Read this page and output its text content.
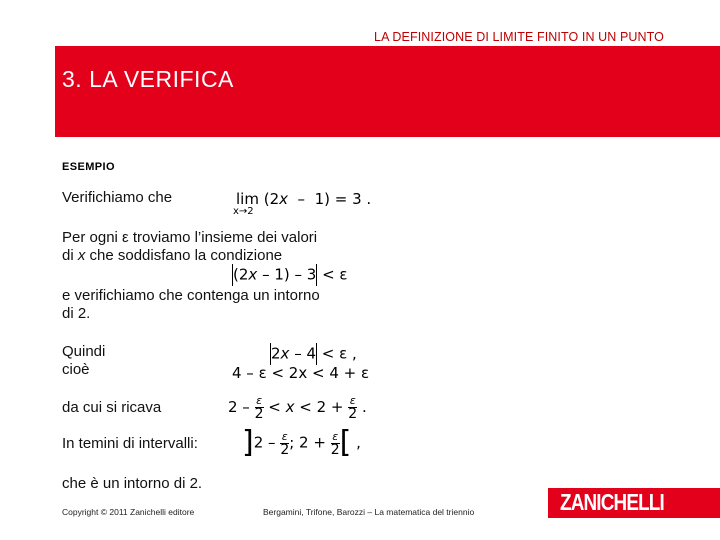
LA DEFINIZIONE DI LIMITE FINITO IN UN PUNTO
3. LA VERIFICA
ESEMPIO
Verifichiamo che	lim (2x  –  1) = 3 .
x→2
Per ogni ε troviamo l’insieme dei valori
di x che soddisfano la condizione
(2x – 1) – 3 < ε
e verifichiamo che contenga un intorno
di 2.
Quindi
cioè
2x – 4 < ε ,
4 – ε < 2x < 4 + ε
da cui si ricava	$2 - \frac{\varepsilon}{2} < x < 2 + \frac{\varepsilon}{2}$ .
In temini di intervalli: ]$2 - \frac{\varepsilon}{2}$ ; $2 + \frac{\varepsilon}{2}$ [ ,
che è un intorno di 2.
Copyright © 2011 Zanichelli editore	Bergamini, Trifone, Barozzi – La matematica del triennio	ZANICHELLI
